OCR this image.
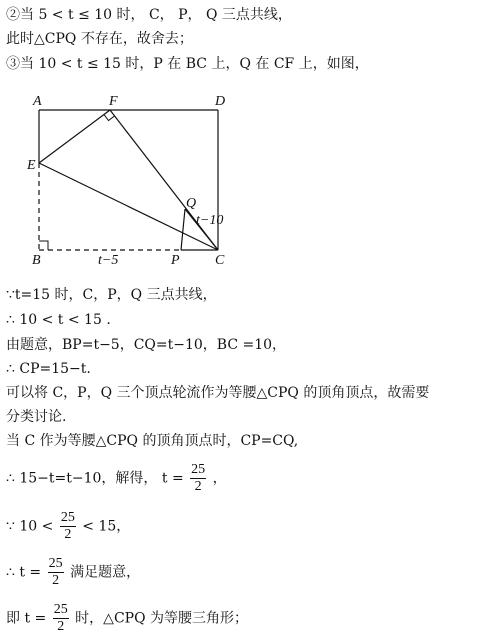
②当 5 < t ≤ 10 时， C， P， Q 三点共线，
此时△CPQ 不存在，故舍去；
③当 10 < t ≤ 15 时，P 在 BC 上，Q 在 CF 上，如图，
A	F	D
E
Q
t−10
B	t−5	P	C
∵t=15 时，C，P，Q 三点共线，
∴ 10 < t < 15 .
由题意，BP=t−5，CQ=t−10，BC =10，
∴ CP=15−t.
可以将 C，P，Q 三个顶点轮流作为等腰△CPQ 的顶角顶点，故需要
分类讨论.
当 C 作为等腰△CPQ 的顶角顶点时，CP=CQ,
∴ 15−t=t−10，解得， $t = \frac{25}{2}$ ，
∵ $10 < \frac{25}{2} < 15$，
∴ $t = \frac{25}{2}$ 满足题意，
即 $t = \frac{25}{2}$ 时，△CPQ 为等腰三角形；
